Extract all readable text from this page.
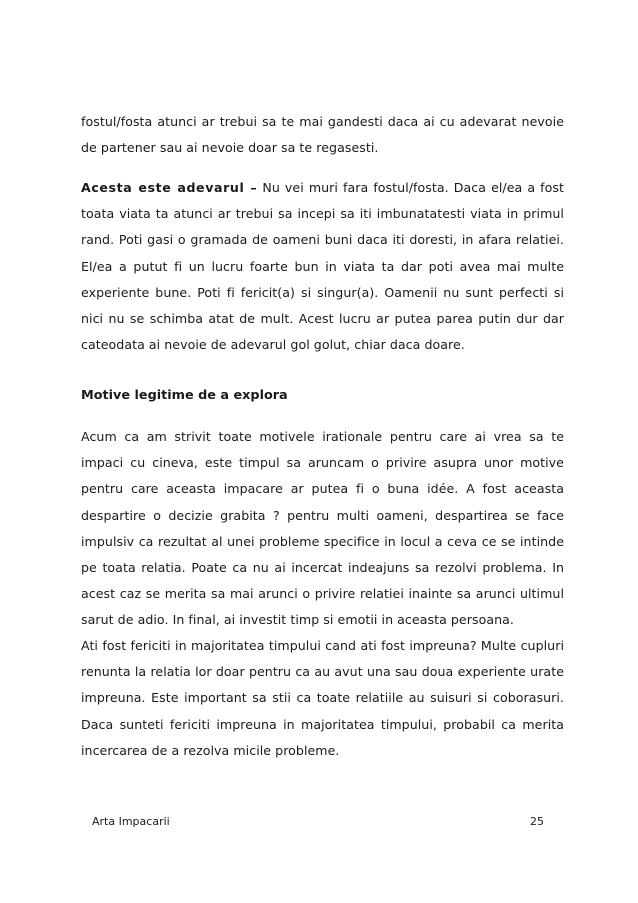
fostul/fosta atunci ar trebui sa te mai gandesti daca ai cu adevarat nevoie de partener sau ai nevoie doar sa te regasesti.

Acesta este adevarul – Nu vei muri fara fostul/fosta. Daca el/ea a fost toata viata ta atunci ar trebui sa incepi sa iti imbunatatesti viata in primul rand. Poti gasi o gramada de oameni buni daca iti doresti, in afara relatiei. El/ea a putut fi un lucru foarte bun in viata ta dar poti avea mai multe experiente bune. Poti fi fericit(a) si singur(a). Oamenii nu sunt perfecti si nici nu se schimba atat de mult. Acest lucru ar putea parea putin dur dar cateodata ai nevoie de adevarul gol golut, chiar daca doare.

Motive legitime de a explora

Acum ca am strivit toate motivele irationale pentru care ai vrea sa te impaci cu cineva, este timpul sa aruncam o privire asupra unor motive pentru care aceasta impacare ar putea fi o buna idée. A fost aceasta despartire o decizie grabita ? pentru multi oameni, despartirea se face impulsiv ca rezultat al unei probleme specifice in locul a ceva ce se intinde pe toata relatia. Poate ca nu ai incercat indeajuns sa rezolvi problema. In acest caz se merita sa mai arunci o privire relatiei inainte sa arunci ultimul sarut de adio. In final, ai investit timp si emotii in aceasta persoana.

Ati fost fericiti in majoritatea timpului cand ati fost impreuna? Multe cupluri renunta la relatia lor doar pentru ca au avut una sau doua experiente urate impreuna. Este important sa stii ca toate relatiile au suisuri si coborasuri. Daca sunteti fericiti impreuna in majoritatea timpului, probabil ca merita incercarea de a rezolva micile probleme.

Arta Impacarii	25
